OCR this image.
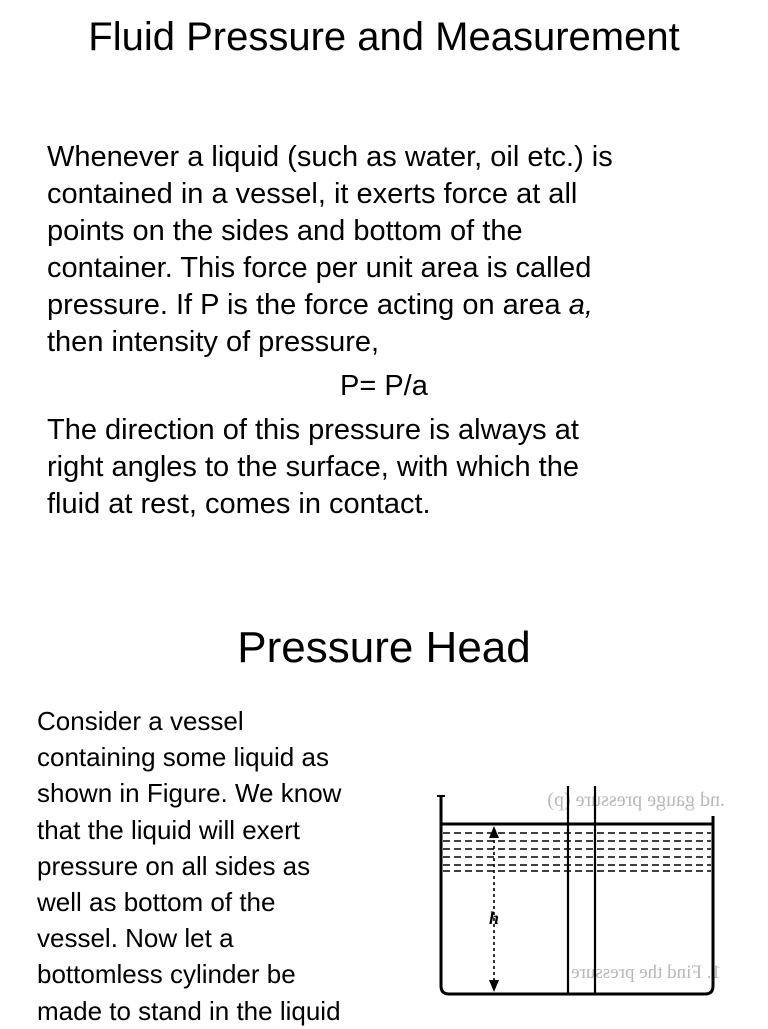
Fluid Pressure and Measurement

Whenever a liquid (such as water, oil etc.) is
contained in a vessel, it exerts force at all
points on the sides and bottom of the
container. This force per unit area is called
pressure. If P is the force acting on area a,
then intensity of pressure,

P= P/a

The direction of this pressure is always at
right angles to the surface, with which the
fluid at rest, comes in contact.

Pressure Head

Consider a vessel
containing some liquid as
shown in Figure. We know
that the liquid will exert
pressure on all sides as
well as bottom of the
vessel. Now let a
bottomless cylinder be
made to stand in the liquid

.nd gauge pressure (p)
1. Find the pressure
h
